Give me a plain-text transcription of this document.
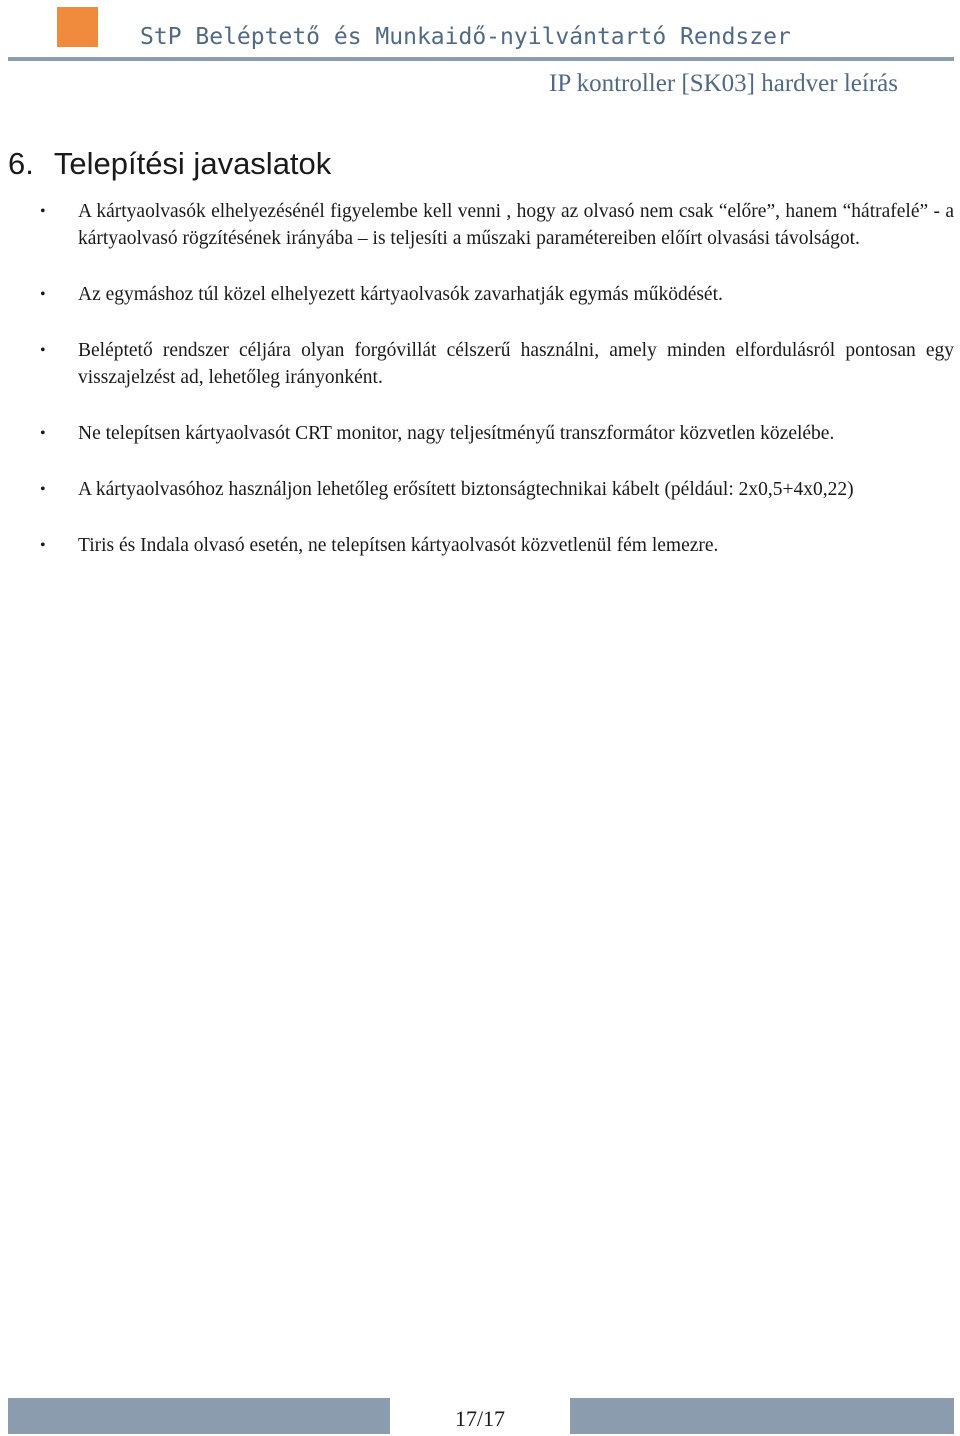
StP Beléptető és Munkaidő-nyilvántartó Rendszer
IP kontroller [SK03] hardver leírás
6. Telepítési javaslatok
• A kártyaolvasók elhelyezésénél figyelembe kell venni , hogy az olvasó nem csak “előre”, hanem “hátrafelé” - a kártyaolvasó rögzítésének irányába – is teljesíti a műszaki paramétereiben előírt olvasási távolságot.
• Az egymáshoz túl közel elhelyezett kártyaolvasók zavarhatják egymás működését.
• Beléptető rendszer céljára olyan forgóvillát célszerű használni, amely minden elfordulásról pontosan egy visszajelzést ad, lehetőleg irányonként.
• Ne telepítsen kártyaolvasót CRT monitor, nagy teljesítményű transzformátor közvetlen közelébe.
• A kártyaolvasóhoz használjon lehetőleg erősített biztonságtechnikai kábelt (például: 2x0,5+4x0,22)
• Tiris és Indala olvasó esetén, ne telepítsen kártyaolvasót közvetlenül fém lemezre.
17/17
